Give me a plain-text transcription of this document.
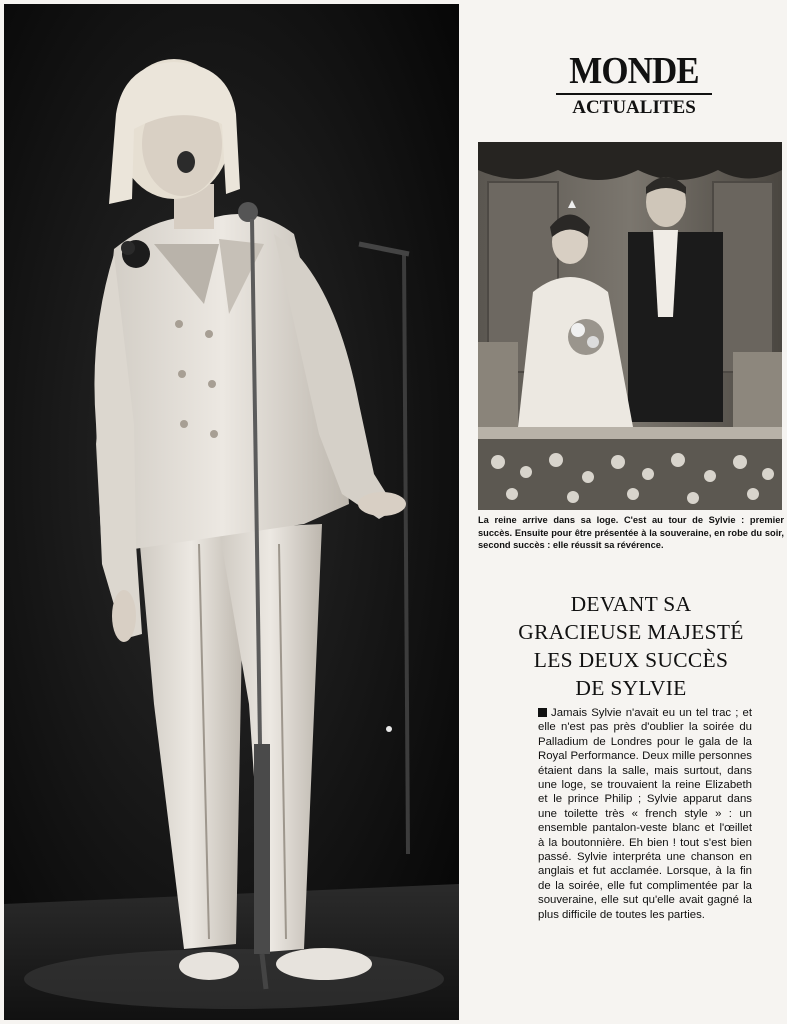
MONDE
ACTUALITES
La reine arrive dans sa loge. C'est au tour de Sylvie : premier succès. Ensuite pour être présentée à la souveraine, en robe du soir, second succès : elle réussit sa révérence.
DEVANT SA
GRACIEUSE MAJESTÉ
LES DEUX SUCCÈS
DE SYLVIE
Jamais Sylvie n'avait eu un tel trac ; et elle n'est pas près d'oublier la soirée du Palladium de Londres pour le gala de la Royal Performance. Deux mille personnes étaient dans la salle, mais surtout, dans une loge, se trouvaient la reine Elizabeth et le prince Philip ; Sylvie apparut dans une toilette très « french style » : un ensemble pantalon-veste blanc et l'œillet à la boutonnière. Eh bien ! tout s'est bien passé. Sylvie interpréta une chanson en anglais et fut acclamée. Lorsque, à la fin de la soirée, elle fut complimentée par la souveraine, elle sut qu'elle avait gagné la plus difficile de toutes les parties.
